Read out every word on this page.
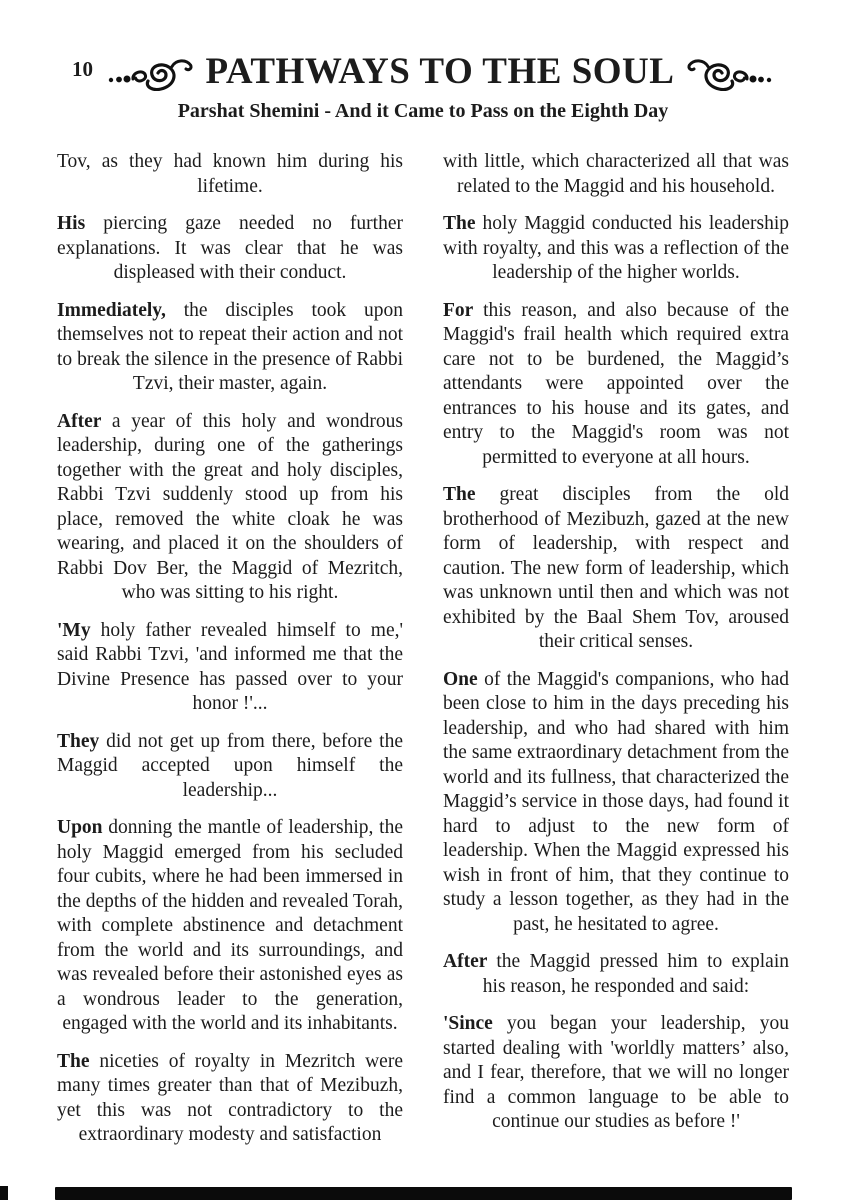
10	PATHWAYS TO THE SOUL
Parshat Shemini - And it Came to Pass on the Eighth Day

Tov, as they had known him during his lifetime.

His piercing gaze needed no further explanations. It was clear that he was displeased with their conduct.

Immediately, the disciples took upon themselves not to repeat their action and not to break the silence in the presence of Rabbi Tzvi, their master, again.

After a year of this holy and wondrous leadership, during one of the gatherings together with the great and holy disciples, Rabbi Tzvi suddenly stood up from his place, removed the white cloak he was wearing, and placed it on the shoulders of Rabbi Dov Ber, the Maggid of Mezritch, who was sitting to his right.

'My holy father revealed himself to me,' said Rabbi Tzvi, 'and informed me that the Divine Presence has passed over to your honor !'...

They did not get up from there, before the Maggid accepted upon himself the leadership...

Upon donning the mantle of leadership, the holy Maggid emerged from his secluded four cubits, where he had been immersed in the depths of the hidden and revealed Torah, with complete abstinence and detachment from the world and its surroundings, and was revealed before their astonished eyes as a wondrous leader to the generation, engaged with the world and its inhabitants.

The niceties of royalty in Mezritch were many times greater than that of Mezibuzh, yet this was not contradictory to the extraordinary modesty and satisfaction

with little, which characterized all that was related to the Maggid and his household.

The holy Maggid conducted his leadership with royalty, and this was a reflection of the leadership of the higher worlds.

For this reason, and also because of the Maggid's frail health which required extra care not to be burdened, the Maggid’s attendants were appointed over the entrances to his house and its gates, and entry to the Maggid's room was not permitted to everyone at all hours.

The great disciples from the old brotherhood of Mezibuzh, gazed at the new form of leadership, with respect and caution. The new form of leadership, which was unknown until then and which was not exhibited by the Baal Shem Tov, aroused their critical senses.

One of the Maggid's companions, who had been close to him in the days preceding his leadership, and who had shared with him the same extraordinary detachment from the world and its fullness, that characterized the Maggid’s service in those days, had found it hard to adjust to the new form of leadership. When the Maggid expressed his wish in front of him, that they continue to study a lesson together, as they had in the past, he hesitated to agree.

After the Maggid pressed him to explain his reason, he responded and said:

'Since you began your leadership, you started dealing with 'worldly matters’ also, and I fear, therefore, that we will no longer find a common language to be able to continue our studies as before !'
